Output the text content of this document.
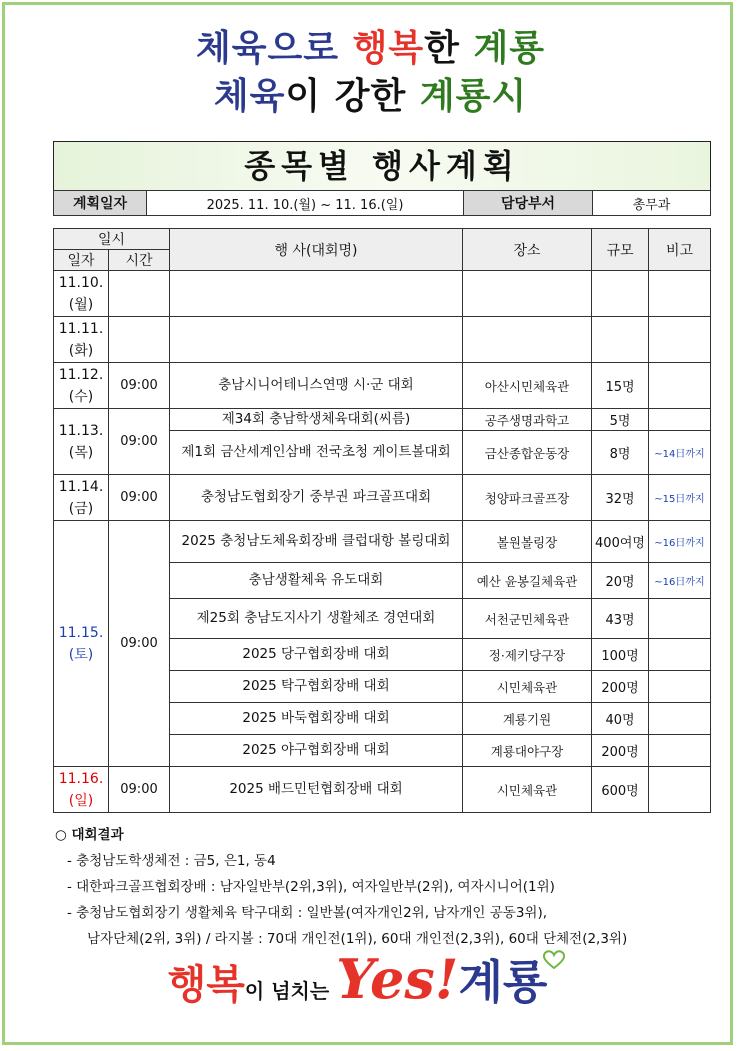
체육으로 행복한 계룡
체육이 강한 계룡시
종목별 행사계획
계획일자	2025. 11. 10.(월) ~ 11. 16.(일)	담당부서	총무과
일시		행 사(대회명)	장소	규모	비고
일자	시간				

11.10.
(월)					

11.11.
(화)					

11.12.
(수)	09:00	충남시니어테니스연맹 시·군 대회	아산시민체육관	15명	

11.13.
(목)	09:00	제34회 충남학생체육대회(씨름)	공주생명과학고	5명	
		제1회 금산세계인삼배 전국초청 게이트볼대회	금산종합운동장	8명	~14日까지

11.14.
(금)	09:00	충청남도협회장기 중부권 파크골프대회	청양파크골프장	32명	~15日까지

11.15.
(토)	09:00	2025 충청남도체육회장배 클럽대항 볼링대회	볼원볼링장	400여명	~16日까지
		충남생활체육 유도대회	예산 윤봉길체육관	20명	~16日까지
		제25회 충남도지사기 생활체조 경연대회	서천군민체육관	43명	
		2025 당구협회장배 대회	정·제키당구장	100명	
		2025 탁구협회장배 대회	시민체육관	200명	
		2025 바둑협회장배 대회	계룡기원	40명	
		2025 야구협회장배 대회	계룡대야구장	200명	

11.16.
(일)	09:00	2025 배드민턴협회장배 대회	시민체육관	600명	
○ 대회결과
- 충청남도학생체전 : 금5, 은1, 동4
- 대한파크골프협회장배 : 남자일반부(2위,3위), 여자일반부(2위), 여자시니어(1위)
- 충청남도협회장기 생활체육 탁구대회 : 일반볼(여자개인2위, 남자개인 공동3위),
남자단체(2위, 3위) / 라지볼 : 70대 개인전(1위), 60대 개인전(2,3위), 60대 단체전(2,3위)
행복이 넘치는 Yes!계룡
